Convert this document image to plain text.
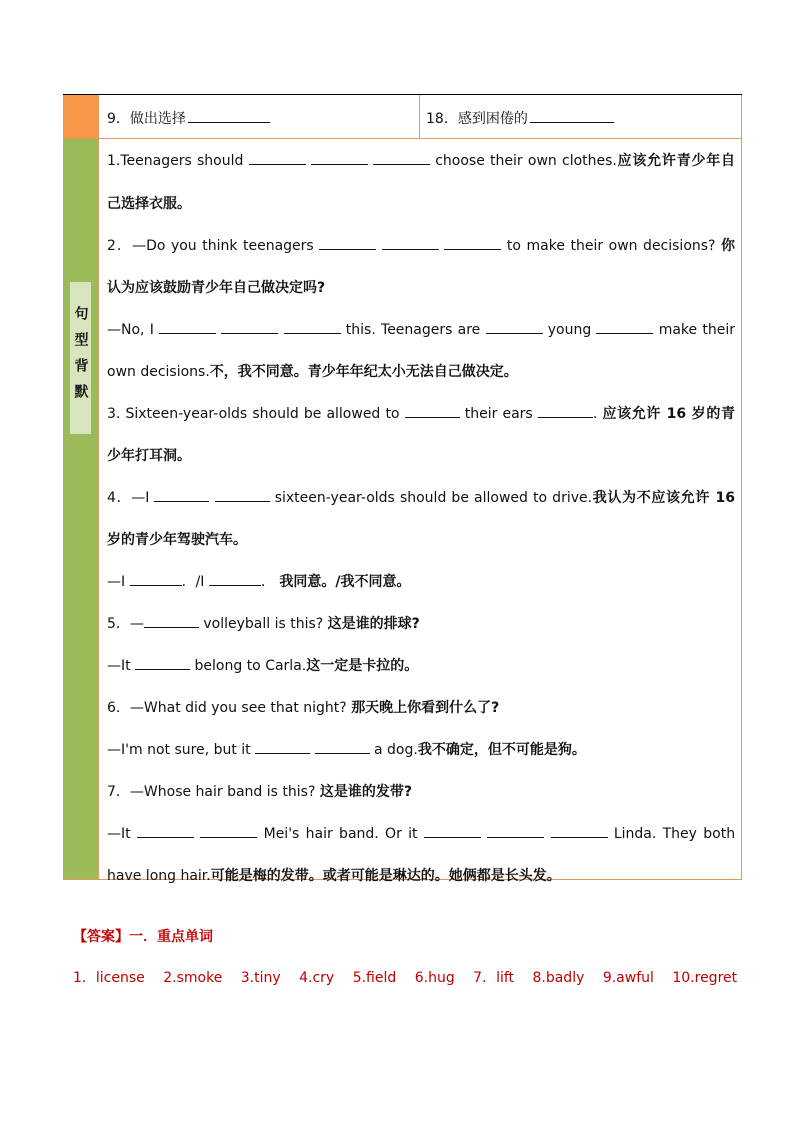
句型背默
9．做出选择	18．感到困倦的
1.Teenagers should	choose their own clothes.应该允许青少年自
己选择衣服。
2．—Do you think teenagers	to make their own decisions? 你
认为应该鼓励青少年自己做决定吗?
—No, I	this. Teenagers are	young	make their
own decisions.不，我不同意。青少年年纪太小无法自己做决定。
3. Sixteen-year-olds should be allowed to	their ears	. 应该允许 16 岁的青
少年打耳洞。
4．—I	sixteen-year-olds should be allowed to drive.我认为不应该允许 16
岁的青少年驾驶汽车。
—I	．/I	． 我同意。/我不同意。
5．—	volleyball is this? 这是谁的排球?
—It	belong to Carla.这一定是卡拉的。
6．—What did you see that night? 那天晚上你看到什么了?
—I'm not sure, but it	a dog.我不确定，但不可能是狗。
7．—Whose hair band is this? 这是谁的发带?
—It	Mei's hair band. Or it	Linda. They both
have long hair.可能是梅的发带。或者可能是琳达的。她俩都是长头发。
【答案】一．重点单词
1．license 2.smoke 3.tiny 4.cry 5.field 6.hug 7．lift 8.badly 9.awful 10.regret
